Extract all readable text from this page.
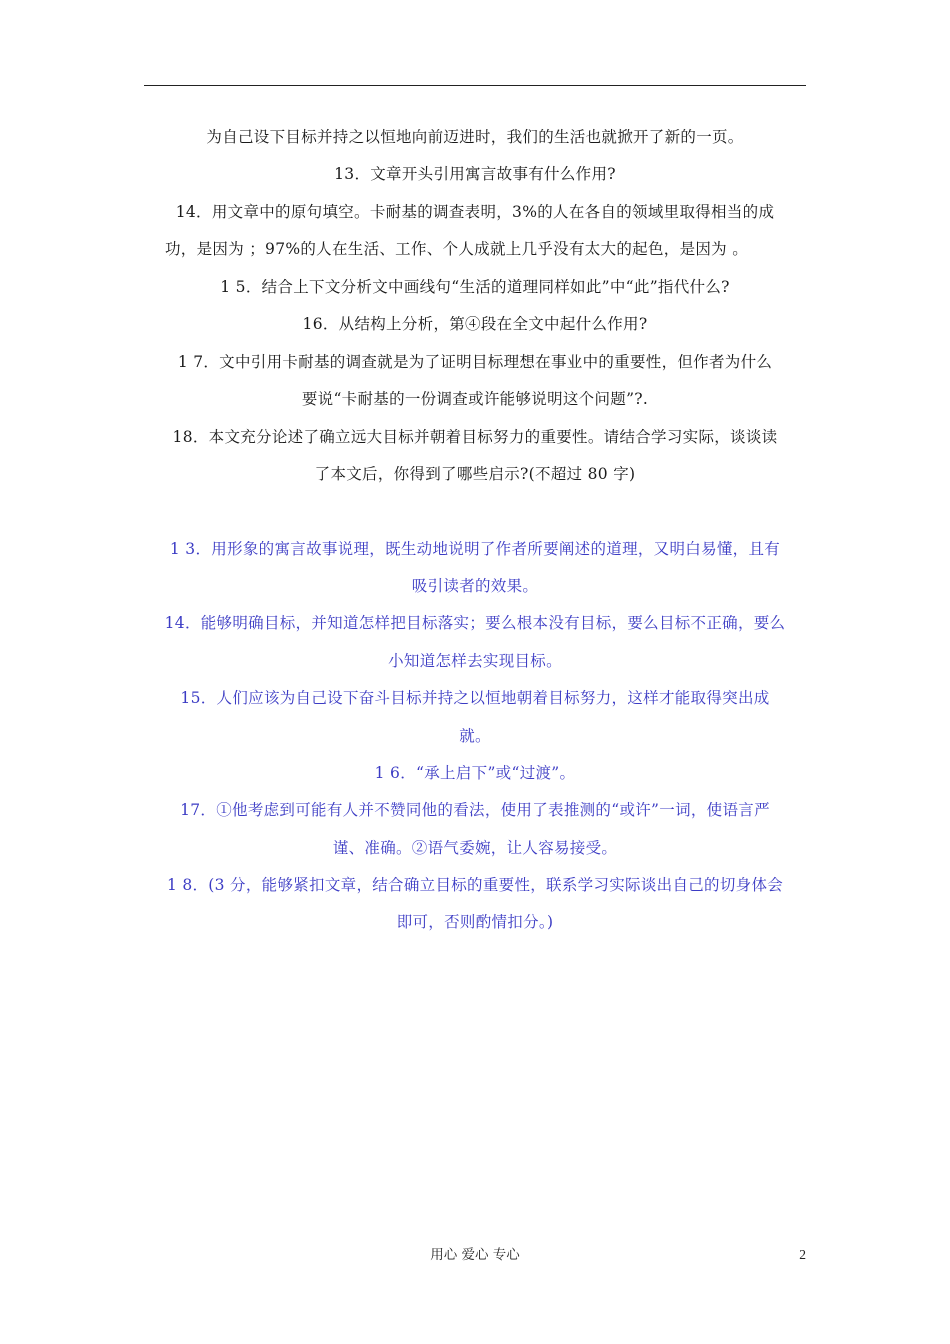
为自己设下目标并持之以恒地向前迈进时，我们的生活也就掀开了新的一页。
13．文章开头引用寓言故事有什么作用?
14．用文章中的原句填空。卡耐基的调查表明，3%的人在各自的领域里取得相当的成
功，是因为 ；97%的人在生活、工作、个人成就上几乎没有太大的起色，是因为 。
1 5．结合上下文分析文中画线句“生活的道理同样如此”中“此”指代什么?
16．从结构上分析，第④段在全文中起什么作用?
1 7．文中引用卡耐基的调查就是为了证明目标理想在事业中的重要性，但作者为什么
要说“卡耐基的一份调查或许能够说明这个问题”?.
18．本文充分论述了确立远大目标并朝着目标努力的重要性。请结合学习实际，谈谈读
了本文后，你得到了哪些启示?(不超过 80 字)
1 3．用形象的寓言故事说理，既生动地说明了作者所要阐述的道理，又明白易懂，且有
吸引读者的效果。
14．能够明确目标，并知道怎样把目标落实；要么根本没有目标，要么目标不正确，要么
小知道怎样去实现目标。
15．人们应该为自己设下奋斗目标并持之以恒地朝着目标努力，这样才能取得突出成
就。
1 6．“承上启下”或“过渡”。
17．①他考虑到可能有人并不赞同他的看法，使用了表推测的“或许”一词，使语言严
谨、准确。②语气委婉，让人容易接受。
1 8．(3 分，能够紧扣文章，结合确立目标的重要性，联系学习实际谈出自己的切身体会
即可，否则酌情扣分。)
用心 爱心 专心	2
